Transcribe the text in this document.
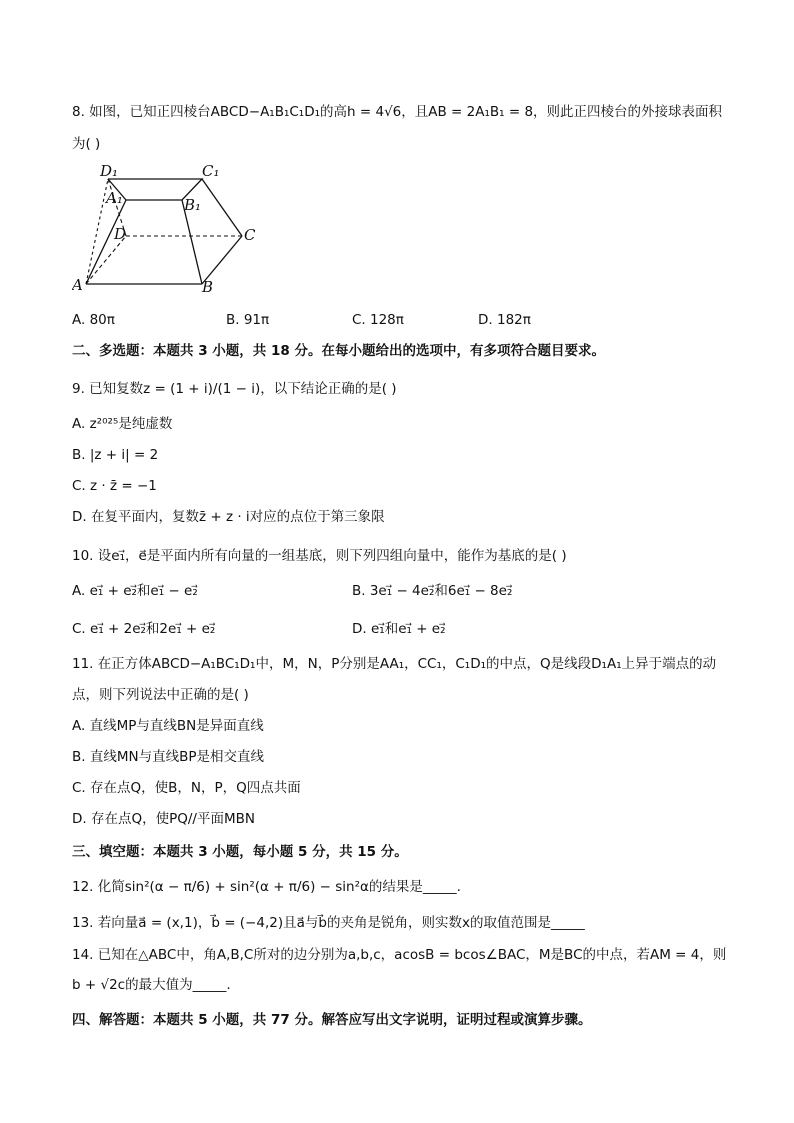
8. 如图，已知正四棱台ABCD−A₁B₁C₁D₁的高h = 4√6，且AB = 2A₁B₁ = 8，则此正四棱台的外接球表面积
为( )
D₁	C₁
A₁	B₁
D	C
A	B
A. 80π	B. 91π	C. 128π	D. 182π
二、多选题：本题共 3 小题，共 18 分。在每小题给出的选项中，有多项符合题目要求。
9. 已知复数z = (1 + i)/(1 − i)，以下结论正确的是( )
A. z²⁰²⁵是纯虚数
B. |z + i| = 2
C. z · z̄ = −1
D. 在复平面内，复数z̄ + z · i对应的点位于第三象限
10. 设e₁⃗，e⃗是平面内所有向量的一组基底，则下列四组向量中，能作为基底的是( )
A. e₁⃗ + e₂⃗和e₁⃗ − e₂⃗	B. 3e₁⃗ − 4e₂⃗和6e₁⃗ − 8e₂⃗
C. e₁⃗ + 2e₂⃗和2e₁⃗ + e₂⃗	D. e₁⃗和e₁⃗ + e₂⃗
11. 在正方体ABCD−A₁BC₁D₁中，M，N，P分别是AA₁，CC₁，C₁D₁的中点，Q是线段D₁A₁上异于端点的动
点，则下列说法中正确的是( )
A. 直线MP与直线BN是异面直线
B. 直线MN与直线BP是相交直线
C. 存在点Q，使B，N，P，Q四点共面
D. 存在点Q，使PQ//平面MBN
三、填空题：本题共 3 小题，每小题 5 分，共 15 分。
12. 化简sin²(α − π/6) + sin²(α + π/6) − sin²α的结果是_____.
13. 若向量a⃗ = (x,1)，b⃗ = (−4,2)且a⃗与b⃗的夹角是锐角，则实数x的取值范围是_____
14. 已知在△ABC中，角A,B,C所对的边分别为a,b,c，acosB = bcos∠BAC，M是BC的中点，若AM = 4，则
b + √2c的最大值为_____.
四、解答题：本题共 5 小题，共 77 分。解答应写出文字说明，证明过程或演算步骤。
